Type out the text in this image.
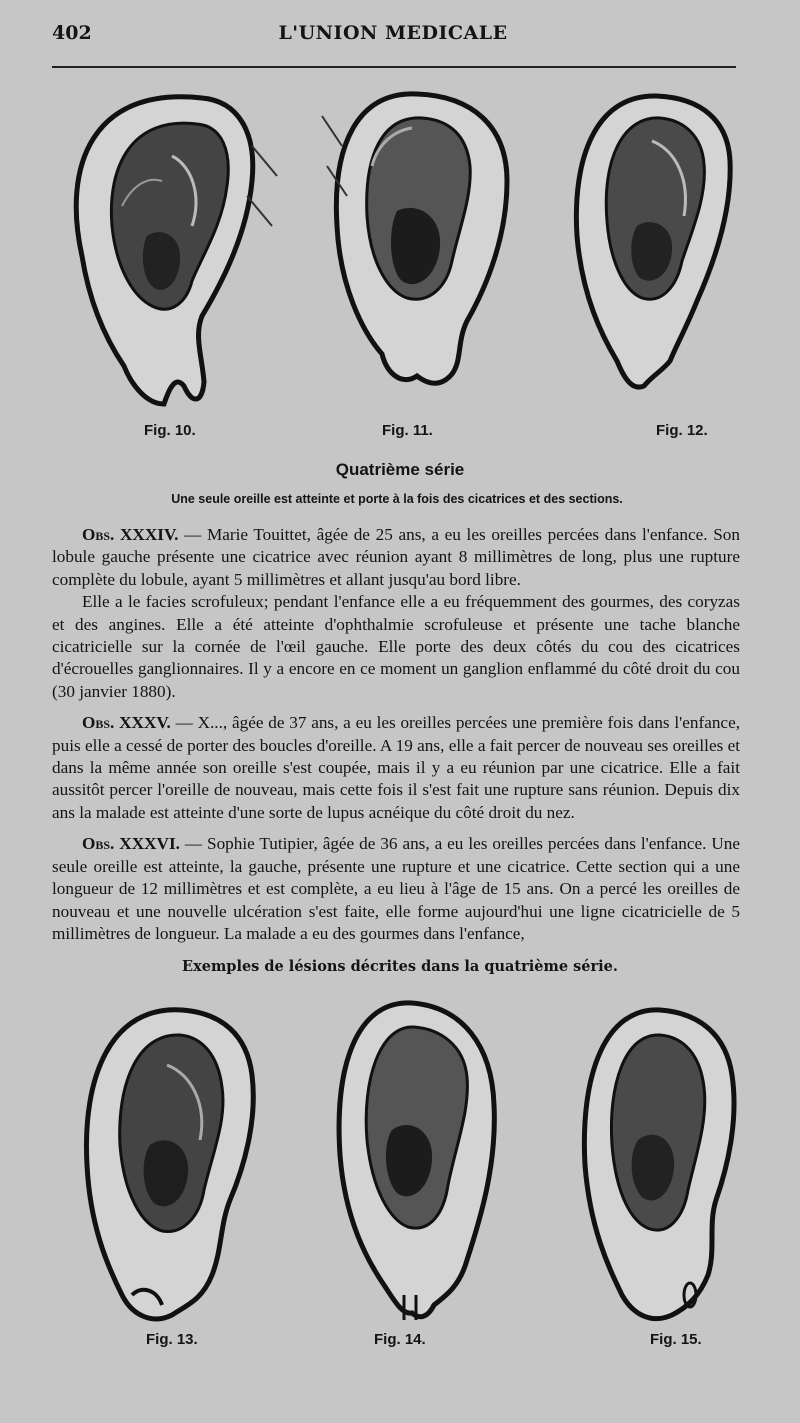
402	L'UNION MEDICALE
Fig. 10.	Fig. 11.	Fig. 12.
Quatrième série
Une seule oreille est atteinte et porte à la fois des cicatrices et des sections.

Obs. XXXIV. — Marie Touittet, âgée de 25 ans, a eu les oreilles percées dans l'enfance. Son lobule gauche présente une cicatrice avec réunion ayant 8 millimètres de long, plus une rupture complète du lobule, ayant 5 millimètres et allant jusqu'au bord libre.

Elle a le facies scrofuleux; pendant l'enfance elle a eu fréquemment des gourmes, des coryzas et des angines. Elle a été atteinte d'ophthalmie scrofuleuse et présente une tache blanche cicatricielle sur la cornée de l'œil gauche. Elle porte des deux côtés du cou des cicatrices d'écrouelles ganglionnaires. Il y a encore en ce moment un ganglion enflammé du côté droit du cou (30 janvier 1880).

Obs. XXXV. — X..., âgée de 37 ans, a eu les oreilles percées une première fois dans l'enfance, puis elle a cessé de porter des boucles d'oreille. A 19 ans, elle a fait percer de nouveau ses oreilles et dans la même année son oreille s'est coupée, mais il y a eu réunion par une cicatrice. Elle a fait aussitôt percer l'oreille de nouveau, mais cette fois il s'est fait une rupture sans réunion. Depuis dix ans la malade est atteinte d'une sorte de lupus acnéique du côté droit du nez.

Obs. XXXVI. — Sophie Tutipier, âgée de 36 ans, a eu les oreilles percées dans l'enfance. Une seule oreille est atteinte, la gauche, présente une rupture et une cicatrice. Cette section qui a une longueur de 12 millimètres et est complète, a eu lieu à l'âge de 15 ans. On a percé les oreilles de nouveau et une nouvelle ulcération s'est faite, elle forme aujourd'hui une ligne cicatricielle de 5 millimètres de longueur. La malade a eu des gourmes dans l'enfance,

Exemples de lésions décrites dans la quatrième série.
Fig. 13.	Fig. 14.	Fig. 15.
